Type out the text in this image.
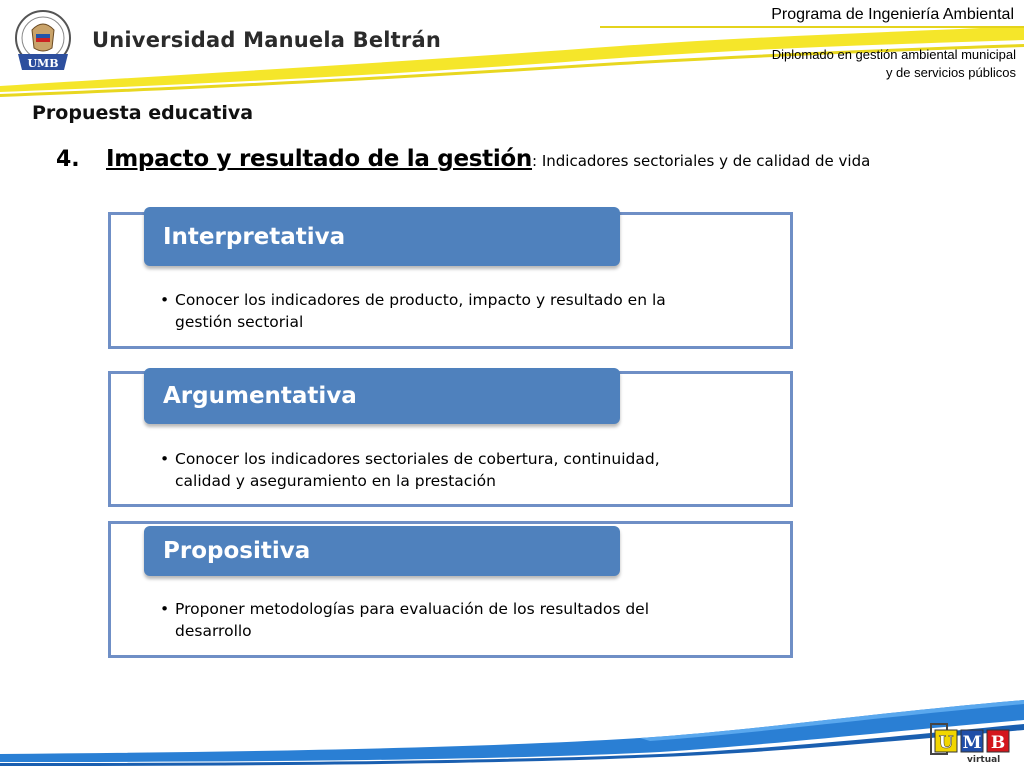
UMB
Universidad Manuela Beltrán
Programa de Ingeniería Ambiental
Diplomado en gestión ambiental municipal
y de servicios públicos
Propuesta educativa
4. Impacto y resultado de la gestión: Indicadores sectoriales y de calidad de vida
Interpretativa
• Conocer los indicadores de producto, impacto y resultado en la
gestión sectorial
Argumentativa
• Conocer los indicadores sectoriales de cobertura, continuidad,
calidad y aseguramiento en la prestación
Propositiva
• Proponer metodologías para evaluación de los resultados del
desarrollo
U M B
virtual
